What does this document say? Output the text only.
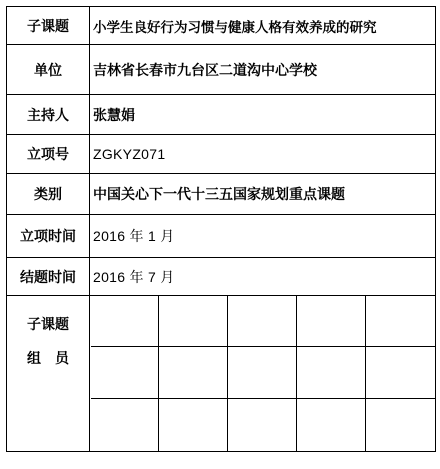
子课题	小学生良好行为习惯与健康人格有效养成的研究
单位	吉林省长春市九台区二道沟中心学校
主持人	张慧娟
立项号	ZGKYZ071
类别	中国关心下一代十三五国家规划重点课题
立项时间	2016 年 1 月
结题时间	2016 年 7 月
子课题
组员
